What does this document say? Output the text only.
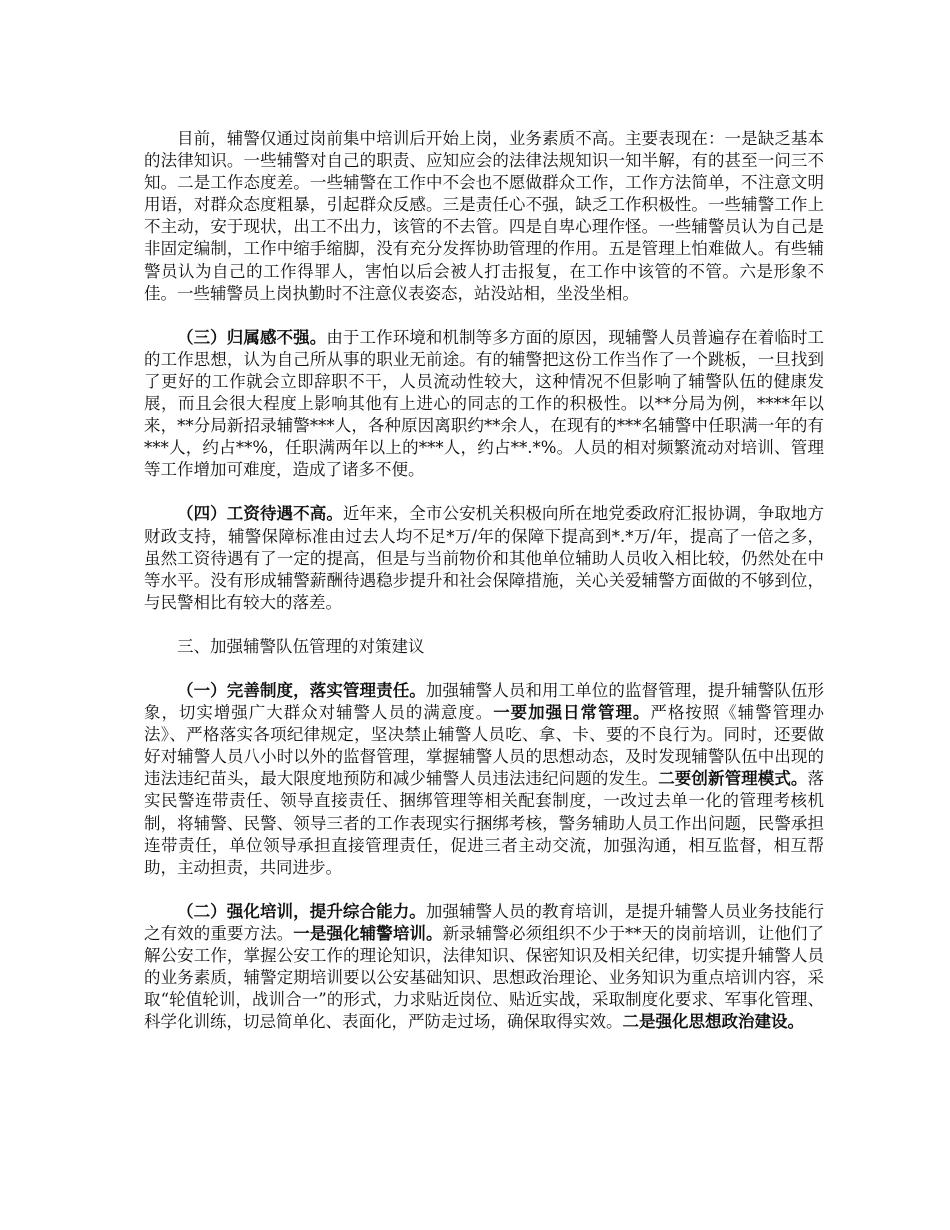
目前，辅警仅通过岗前集中培训后开始上岗，业务素质不高。主要表现在：一是缺乏基本的法律知识。一些辅警对自己的职责、应知应会的法律法规知识一知半解，有的甚至一问三不知。二是工作态度差。一些辅警在工作中不会也不愿做群众工作，工作方法简单，不注意文明用语，对群众态度粗暴，引起群众反感。三是责任心不强，缺乏工作积极性。一些辅警工作上不主动，安于现状，出工不出力，该管的不去管。四是自卑心理作怪。一些辅警员认为自己是非固定编制，工作中缩手缩脚，没有充分发挥协助管理的作用。五是管理上怕难做人。有些辅警员认为自己的工作得罪人，害怕以后会被人打击报复，在工作中该管的不管。六是形象不佳。一些辅警员上岗执勤时不注意仪表姿态，站没站相，坐没坐相。

（三）归属感不强。由于工作环境和机制等多方面的原因，现辅警人员普遍存在着临时工的工作思想，认为自己所从事的职业无前途。有的辅警把这份工作当作了一个跳板，一旦找到了更好的工作就会立即辞职不干，人员流动性较大，这种情况不但影响了辅警队伍的健康发展，而且会很大程度上影响其他有上进心的同志的工作的积极性。以**分局为例，****年以来，**分局新招录辅警***人，各种原因离职约**余人，在现有的***名辅警中任职满一年的有***人，约占**%，任职满两年以上的***人，约占**.*%。人员的相对频繁流动对培训、管理等工作增加可难度，造成了诸多不便。

（四）工资待遇不高。近年来，全市公安机关积极向所在地党委政府汇报协调，争取地方财政支持，辅警保障标准由过去人均不足*万/年的保障下提高到*.*万/年，提高了一倍之多，虽然工资待遇有了一定的提高，但是与当前物价和其他单位辅助人员收入相比较，仍然处在中等水平。没有形成辅警薪酬待遇稳步提升和社会保障措施，关心关爱辅警方面做的不够到位，与民警相比有较大的落差。

三、加强辅警队伍管理的对策建议

（一）完善制度，落实管理责任。加强辅警人员和用工单位的监督管理，提升辅警队伍形象，切实增强广大群众对辅警人员的满意度。一要加强日常管理。严格按照《辅警管理办法》、严格落实各项纪律规定，坚决禁止辅警人员吃、拿、卡、要的不良行为。同时，还要做好对辅警人员八小时以外的监督管理，掌握辅警人员的思想动态，及时发现辅警队伍中出现的违法违纪苗头，最大限度地预防和减少辅警人员违法违纪问题的发生。二要创新管理模式。落实民警连带责任、领导直接责任、捆绑管理等相关配套制度，一改过去单一化的管理考核机制，将辅警、民警、领导三者的工作表现实行捆绑考核，警务辅助人员工作出问题，民警承担连带责任，单位领导承担直接管理责任，促进三者主动交流，加强沟通，相互监督，相互帮助，主动担责，共同进步。

（二）强化培训，提升综合能力。加强辅警人员的教育培训，是提升辅警人员业务技能行之有效的重要方法。一是强化辅警培训。新录辅警必须组织不少于**天的岗前培训，让他们了解公安工作，掌握公安工作的理论知识，法律知识、保密知识及相关纪律，切实提升辅警人员的业务素质，辅警定期培训要以公安基础知识、思想政治理论、业务知识为重点培训内容，采取“轮值轮训，战训合一”的形式，力求贴近岗位、贴近实战，采取制度化要求、军事化管理、科学化训练，切忌简单化、表面化，严防走过场，确保取得实效。二是强化思想政治建设。
